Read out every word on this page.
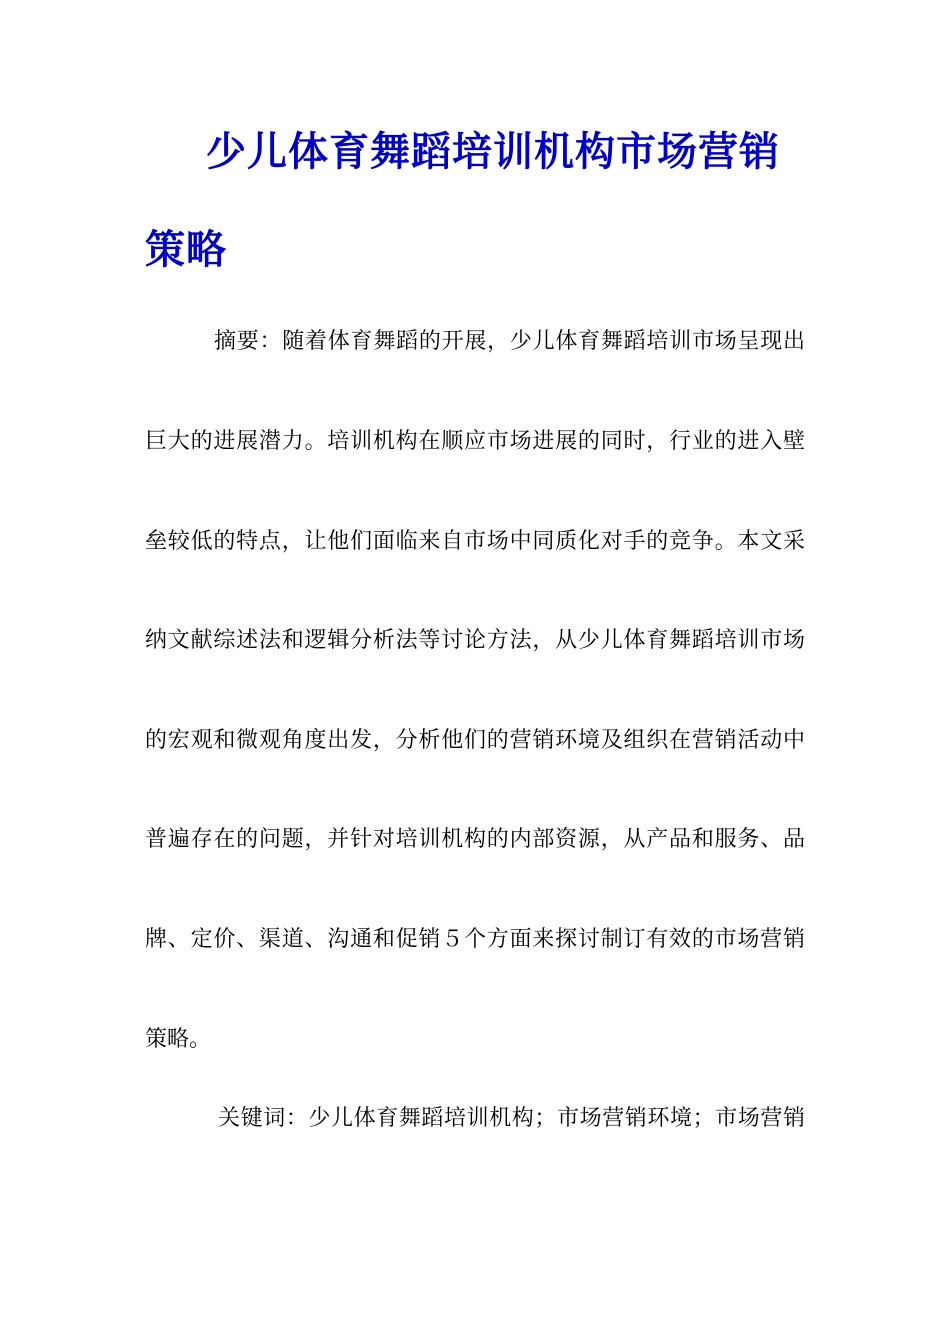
少儿体育舞蹈培训机构市场营销
策略
摘要：随着体育舞蹈的开展，少儿体育舞蹈培训市场呈现出
巨大的进展潜力。培训机构在顺应市场进展的同时，行业的进入壁
垒较低的特点，让他们面临来自市场中同质化对手的竞争。本文采
纳文献综述法和逻辑分析法等讨论方法，从少儿体育舞蹈培训市场
的宏观和微观角度出发，分析他们的营销环境及组织在营销活动中
普遍存在的问题，并针对培训机构的内部资源，从产品和服务、品
牌、定价、渠道、沟通和促销５个方面来探讨制订有效的市场营销
策略。
关键词：少儿体育舞蹈培训机构；市场营销环境；市场营销
